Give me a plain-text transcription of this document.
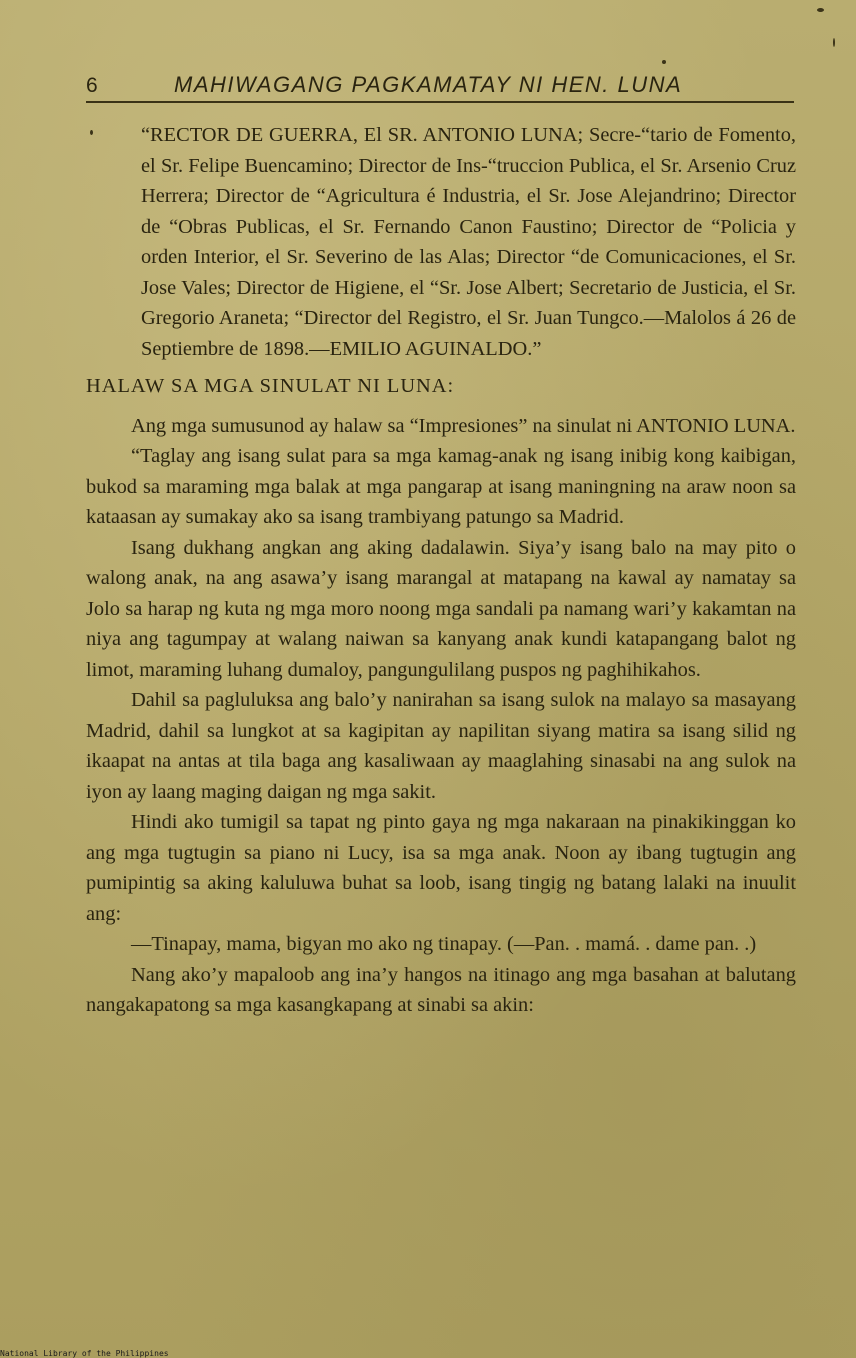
6	MAHIWAGANG PAGKAMATAY NI HEN. LUNA

“RECTOR DE GUERRA, El SR. ANTONIO LUNA; Secre-“tario de Fomento, el Sr. Felipe Buencamino; Director de Ins-“truccion Publica, el Sr. Arsenio Cruz Herrera; Director de “Agricultura é Industria, el Sr. Jose Alejandrino; Director de “Obras Publicas, el Sr. Fernando Canon Faustino; Director de “Policia y orden Interior, el Sr. Severino de las Alas; Director “de Comunicaciones, el Sr. Jose Vales; Director de Higiene, el “Sr. Jose Albert; Secretario de Justicia, el Sr. Gregorio Araneta; “Director del Registro, el Sr. Juan Tungco.—Malolos á 26 de Septiembre de 1898.—EMILIO AGUINALDO.”

HALAW SA MGA SINULAT NI LUNA:

Ang mga sumusunod ay halaw sa “Impresiones” na sinulat ni ANTONIO LUNA.

“Taglay ang isang sulat para sa mga kamag-anak ng isang inibig kong kaibigan, bukod sa maraming mga balak at mga pangarap at isang maningning na araw noon sa kataasan ay sumakay ako sa isang trambiyang patungo sa Madrid.

Isang dukhang angkan ang aking dadalawin. Siya’y isang balo na may pito o walong anak, na ang asawa’y isang marangal at matapang na kawal ay namatay sa Jolo sa harap ng kuta ng mga moro noong mga sandali pa namang wari’y kakamtan na niya ang tagumpay at walang naiwan sa kanyang anak kundi katapangang balot ng limot, maraming luhang dumaloy, pangungulilang puspos ng paghihikahos.

Dahil sa pagluluksa ang balo’y nanirahan sa isang sulok na malayo sa masayang Madrid, dahil sa lungkot at sa kagipitan ay napilitan siyang matira sa isang silid ng ikaapat na antas at tila baga ang kasaliwaan ay maaglahing sinasabi na ang sulok na iyon ay laang maging daigan ng mga sakit.

Hindi ako tumigil sa tapat ng pinto gaya ng mga nakaraan na pinakikinggan ko ang mga tugtugin sa piano ni Lucy, isa sa mga anak. Noon ay ibang tugtugin ang pumipintig sa aking kaluluwa buhat sa loob, isang tingig ng batang lalaki na inuulit ang:

—Tinapay, mama, bigyan mo ako ng tinapay. (—Pan. . mamá. . dame pan. .)

Nang ako’y mapaloob ang ina’y hangos na itinago ang mga basahan at balutang nangakapatong sa mga kasangkapang at sinabi sa akin:

National Library of the Philippines
